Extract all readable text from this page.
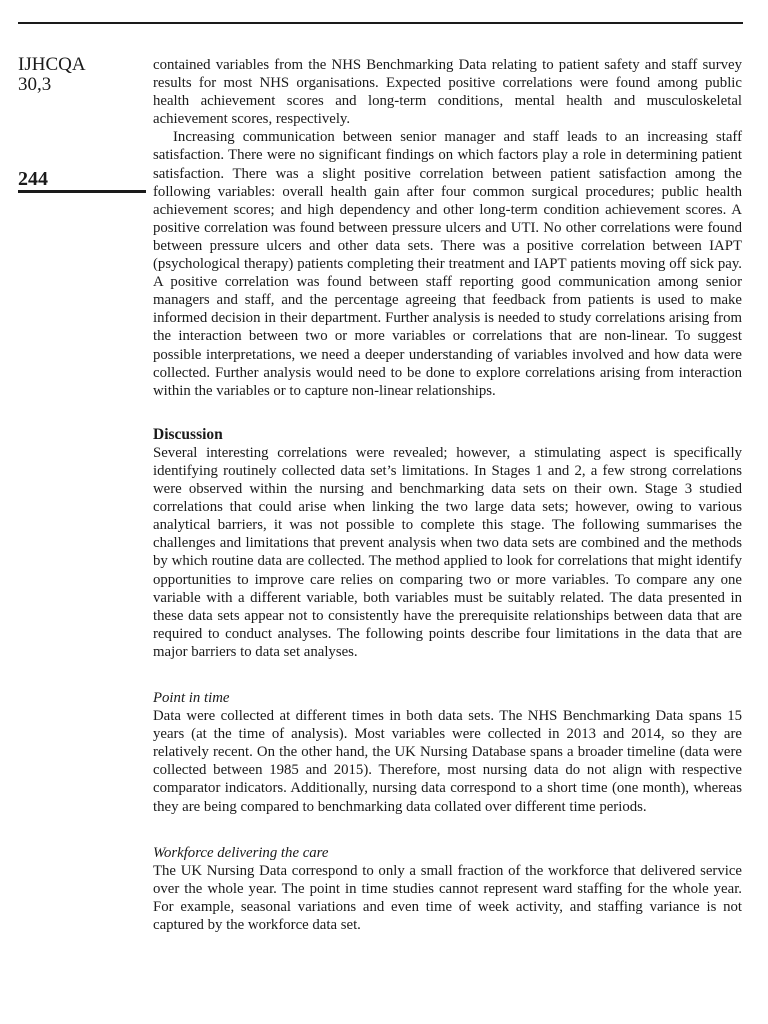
IJHCQA
30,3
244

contained variables from the NHS Benchmarking Data relating to patient safety and staff survey results for most NHS organisations. Expected positive correlations were found among public health achievement scores and long-term conditions, mental health and musculoskeletal achievement scores, respectively.

Increasing communication between senior manager and staff leads to an increasing staff satisfaction. There were no significant findings on which factors play a role in determining patient satisfaction. There was a slight positive correlation between patient satisfaction among the following variables: overall health gain after four common surgical procedures; public health achievement scores; and high dependency and other long-term condition achievement scores. A positive correlation was found between pressure ulcers and UTI. No other correlations were found between pressure ulcers and other data sets. There was a positive correlation between IAPT (psychological therapy) patients completing their treatment and IAPT patients moving off sick pay. A positive correlation was found between staff reporting good communication among senior managers and staff, and the percentage agreeing that feedback from patients is used to make informed decision in their department. Further analysis is needed to study correlations arising from the interaction between two or more variables or correlations that are non-linear. To suggest possible interpretations, we need a deeper understanding of variables involved and how data were collected. Further analysis would need to be done to explore correlations arising from interaction within the variables or to capture non-linear relationships.

Discussion

Several interesting correlations were revealed; however, a stimulating aspect is specifically identifying routinely collected data set’s limitations. In Stages 1 and 2, a few strong correlations were observed within the nursing and benchmarking data sets on their own. Stage 3 studied correlations that could arise when linking the two large data sets; however, owing to various analytical barriers, it was not possible to complete this stage. The following summarises the challenges and limitations that prevent analysis when two data sets are combined and the methods by which routine data are collected. The method applied to look for correlations that might identify opportunities to improve care relies on comparing two or more variables. To compare any one variable with a different variable, both variables must be suitably related. The data presented in these data sets appear not to consistently have the prerequisite relationships between data that are required to conduct analyses. The following points describe four limitations in the data that are major barriers to data set analyses.

Point in time

Data were collected at different times in both data sets. The NHS Benchmarking Data spans 15 years (at the time of analysis). Most variables were collected in 2013 and 2014, so they are relatively recent. On the other hand, the UK Nursing Database spans a broader timeline (data were collected between 1985 and 2015). Therefore, most nursing data do not align with respective comparator indicators. Additionally, nursing data correspond to a short time (one month), whereas they are being compared to benchmarking data collated over different time periods.

Workforce delivering the care

The UK Nursing Data correspond to only a small fraction of the workforce that delivered service over the whole year. The point in time studies cannot represent ward staffing for the whole year. For example, seasonal variations and even time of week activity, and staffing variance is not captured by the workforce data set.
